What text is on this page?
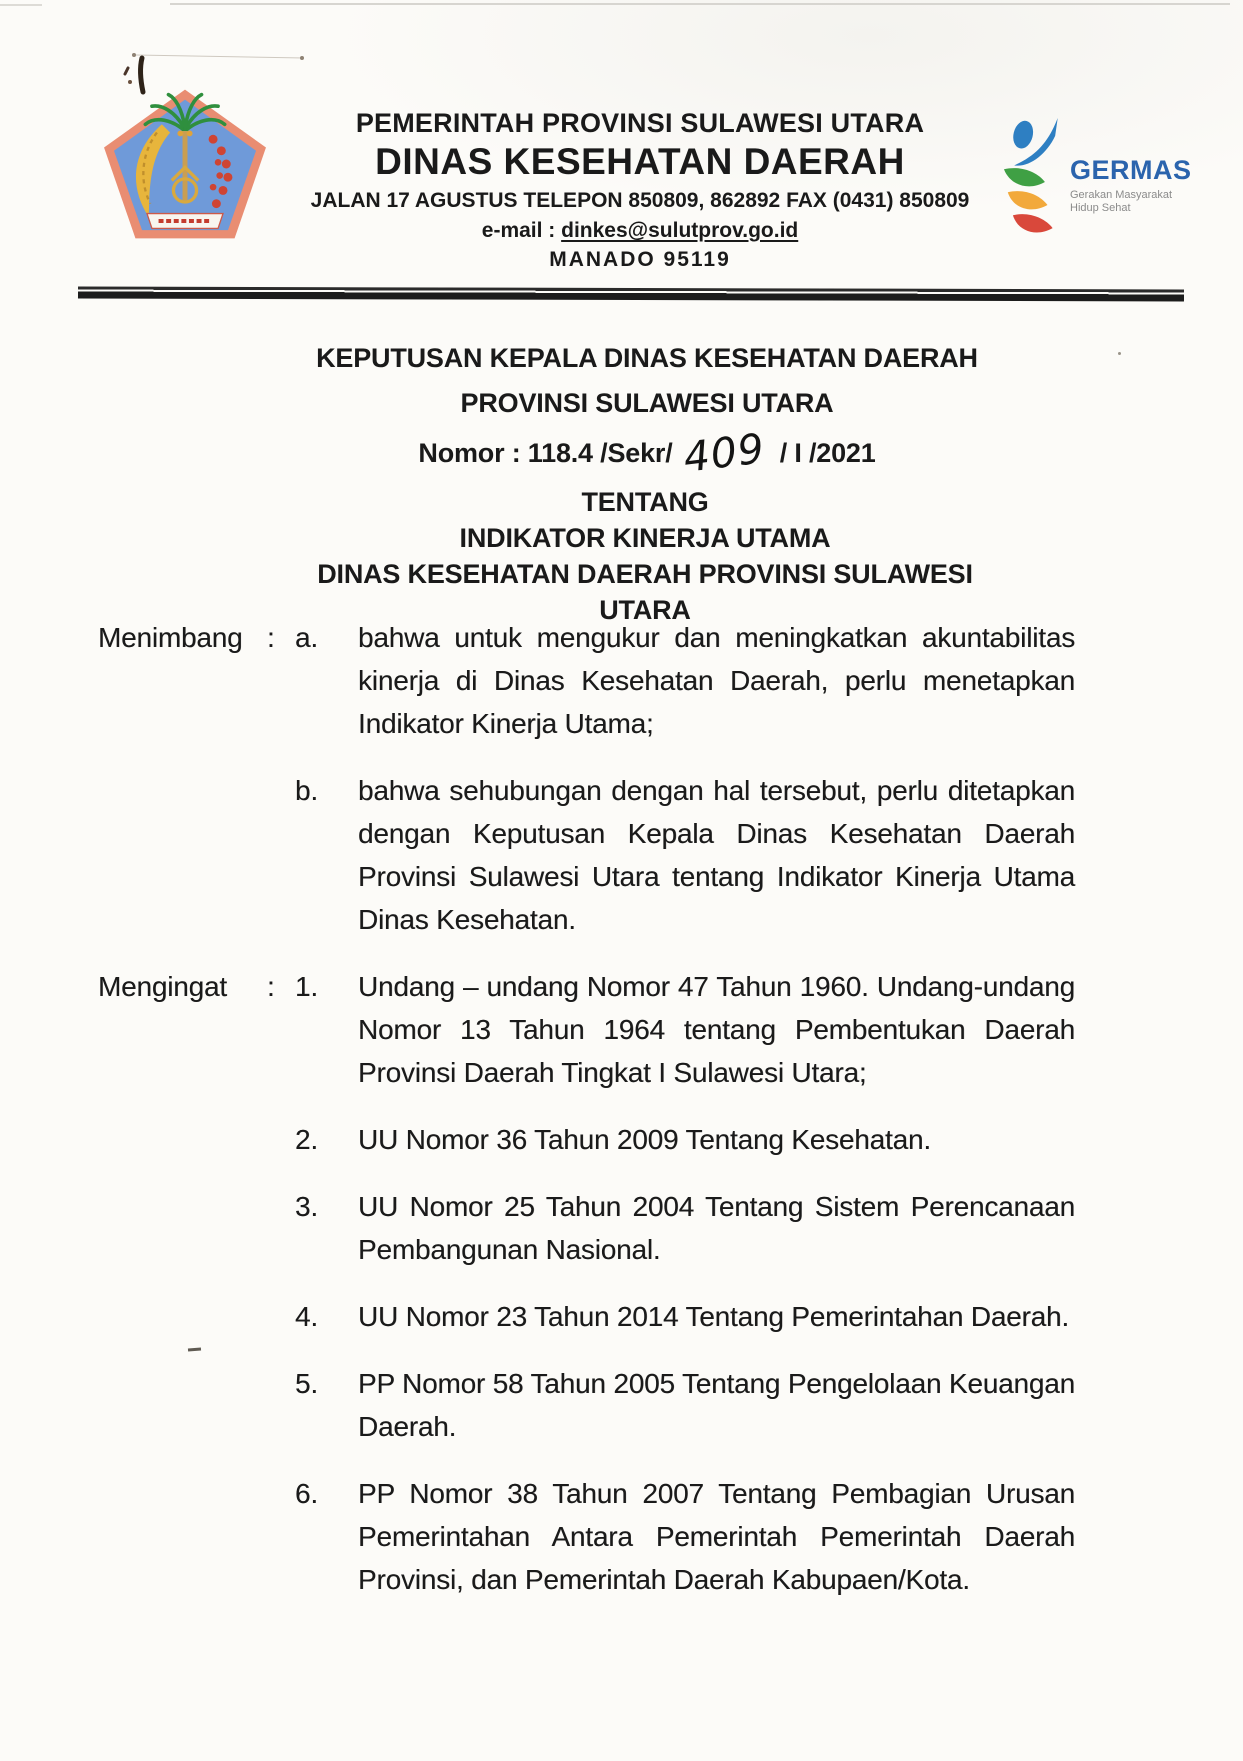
PEMERINTAH PROVINSI SULAWESI UTARA
DINAS KESEHATAN DAERAH
JALAN 17 AGUSTUS TELEPON 850809, 862892 FAX (0431) 850809
e-mail : dinkes@sulutprov.go.id
MANADO 95119
GERMAS
Gerakan Masyarakat
Hidup Sehat
KEPUTUSAN KEPALA DINAS KESEHATAN DAERAH
PROVINSI SULAWESI UTARA
Nomor : 118.4 /Sekr/ 409 / I /2021
TENTANG
INDIKATOR KINERJA UTAMA
DINAS KESEHATAN DAERAH PROVINSI SULAWESI UTARA
Menimbang : a.	bahwa untuk mengukur dan meningkatkan akuntabilitas kinerja di Dinas Kesehatan Daerah, perlu menetapkan Indikator Kinerja Utama;
b.	bahwa sehubungan dengan hal tersebut, perlu ditetapkan dengan Keputusan Kepala Dinas Kesehatan Daerah Provinsi Sulawesi Utara tentang Indikator Kinerja Utama Dinas Kesehatan.
Mengingat	: 1.	Undang – undang Nomor 47 Tahun 1960. Undang-undang Nomor 13 Tahun 1964 tentang Pembentukan Daerah Provinsi Daerah Tingkat I Sulawesi Utara;
2.	UU Nomor 36 Tahun 2009 Tentang Kesehatan.
3.	UU Nomor 25 Tahun 2004 Tentang Sistem Perencanaan Pembangunan Nasional.
4.	UU Nomor 23 Tahun 2014 Tentang Pemerintahan Daerah.
5.	PP Nomor 58 Tahun 2005 Tentang Pengelolaan Keuangan Daerah.
6.	PP Nomor 38 Tahun 2007 Tentang Pembagian Urusan Pemerintahan Antara Pemerintah Pemerintah Daerah Provinsi, dan Pemerintah Daerah Kabupaen/Kota.
